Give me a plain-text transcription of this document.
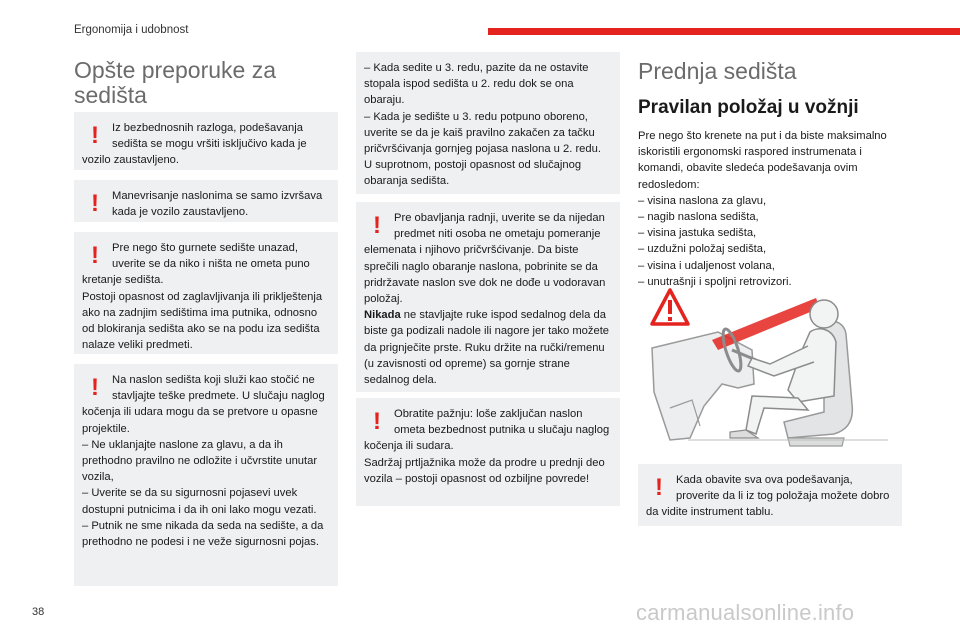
Ergonomija i udobnost
Opšte preporuke za sedišta
!	Iz bezbednosnih razloga, podešavanja sedišta se mogu vršiti isključivo kada je vozilo zaustavljeno.

!	Manevrisanje naslonima se samo izvršava kada je vozilo zaustavljeno.

!	Pre nego što gurnete sedište unazad, uverite se da niko i ništa ne ometa puno kretanje sedišta.

Postoji opasnost od zaglavljivanja ili priklještenja ako na zadnjim sedištima ima putnika, odnosno od blokiranja sedišta ako se na podu iza sedišta nalaze veliki predmeti.

!	Na naslon sedišta koji služi kao stočić ne stavljajte teške predmete. U slučaju naglog kočenja ili udara mogu da se pretvore u opasne projektile.

– Ne uklanjajte naslone za glavu, a da ih prethodno pravilno ne odložite i učvrstite unutar vozila,

– Uverite se da su sigurnosni pojasevi uvek dostupni putnicima i da ih oni lako mogu vezati.

– Putnik ne sme nikada da seda na sedište, a da prethodno ne podesi i ne veže sigurnosni pojas.

– Kada sedite u 3. redu, pazite da ne ostavite stopala ispod sedišta u 2. redu dok se ona obaraju.

– Kada je sedište u 3. redu potpuno oboreno, uverite se da je kaiš pravilno zakačen za tačku pričvršćivanja gornjeg pojasa naslona u 2. redu. U suprotnom, postoji opasnost od slučajnog obaranja sedišta.

!	Pre obavljanja radnji, uverite se da nijedan predmet niti osoba ne ometaju pomeranje elemenata i njihovo pričvršćivanje. Da biste sprečili naglo obaranje naslona, pobrinite se da pridržavate naslon sve dok ne dođe u vodoravan položaj.
Nikada ne stavljajte ruke ispod sedalnog dela da biste ga podizali nadole ili nagore jer tako možete da prignječite prste. Ruku držite na ručki/remenu (u zavisnosti od opreme) sa gornje strane sedalnog dela.

!	Obratite pažnju: loše zaključan naslon ometa bezbednost putnika u slučaju naglog kočenja ili sudara.

Sadržaj prtljažnika može da prodre u prednji deo vozila – postoji opasnost od ozbiljne povrede!

Prednja sedišta
Pravilan položaj u vožnji

Pre nego što krenete na put i da biste maksimalno iskoristili ergonomski raspored instrumenata i komandi, obavite sledeća podešavanja ovim redosledom:

– visina naslona za glavu,
– nagib naslona sedišta,
– visina jastuka sedišta,
– uzdužni položaj sedišta,
– visina i udaljenost volana,
– unutrašnji i spoljni retrovizori.
!	Kada obavite sva ova podešavanja, proverite da li iz tog položaja možete dobro da vidite instrument tablu.

38	carmanualsonline.info
